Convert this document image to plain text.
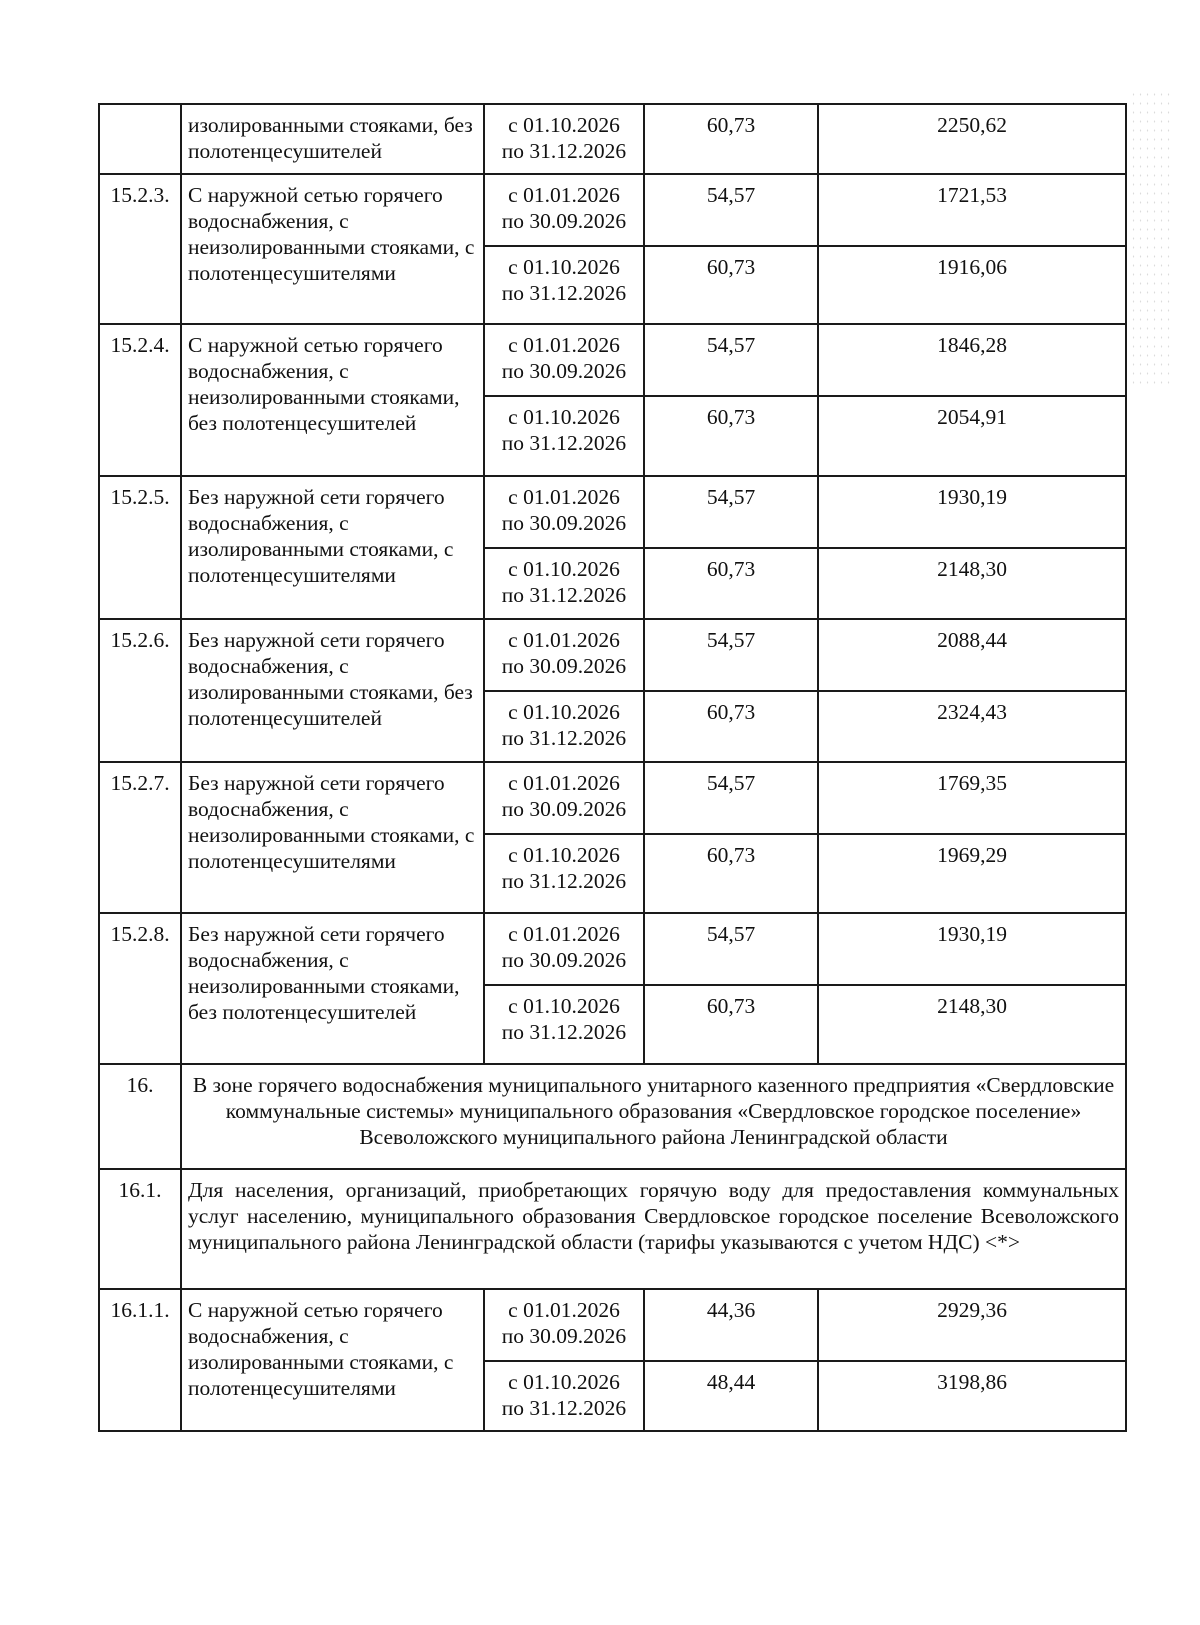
	изолированными стояками, без полотенцесушителей	с 01.10.2026
по 31.12.2026	60,73	2250,62
15.2.3.	С наружной сетью горячего водоснабжения, с неизолированными стояками, с полотенцесушителями	с 01.01.2026
по 30.09.2026	54,57	1721,53
		с 01.10.2026
по 31.12.2026	60,73	1916,06
15.2.4.	С наружной сетью горячего водоснабжения, с неизолированными стояками, без полотенцесушителей	с 01.01.2026
по 30.09.2026	54,57	1846,28
		с 01.10.2026
по 31.12.2026	60,73	2054,91
15.2.5.	Без наружной сети горячего водоснабжения, с изолированными стояками, с полотенцесушителями	с 01.01.2026
по 30.09.2026	54,57	1930,19
		с 01.10.2026
по 31.12.2026	60,73	2148,30
15.2.6.	Без наружной сети горячего водоснабжения, с изолированными стояками, без полотенцесушителей	с 01.01.2026
по 30.09.2026	54,57	2088,44
		с 01.10.2026
по 31.12.2026	60,73	2324,43
15.2.7.	Без наружной сети горячего водоснабжения, с неизолированными стояками, с полотенцесушителями	с 01.01.2026
по 30.09.2026	54,57	1769,35
		с 01.10.2026
по 31.12.2026	60,73	1969,29
15.2.8.	Без наружной сети горячего водоснабжения, с неизолированными стояками, без полотенцесушителей	с 01.01.2026
по 30.09.2026	54,57	1930,19
		с 01.10.2026
по 31.12.2026	60,73	2148,30
16.	В зоне горячего водоснабжения муниципального унитарного казенного предприятия «Свердловские коммунальные системы» муниципального образования «Свердловское городское поселение» Всеволожского муниципального района Ленинградской области			
16.1.	Для населения, организаций, приобретающих горячую воду для предоставления коммунальных услуг населению, муниципального образования Свердловское городское поселение Всеволожского муниципального района Ленинградской области (тарифы указываются с учетом НДС) <*>			
16.1.1.	С наружной сетью горячего водоснабжения, с изолированными стояками, с полотенцесушителями	с 01.01.2026
по 30.09.2026	44,36	2929,36
		с 01.10.2026
по 31.12.2026	48,44	3198,86
